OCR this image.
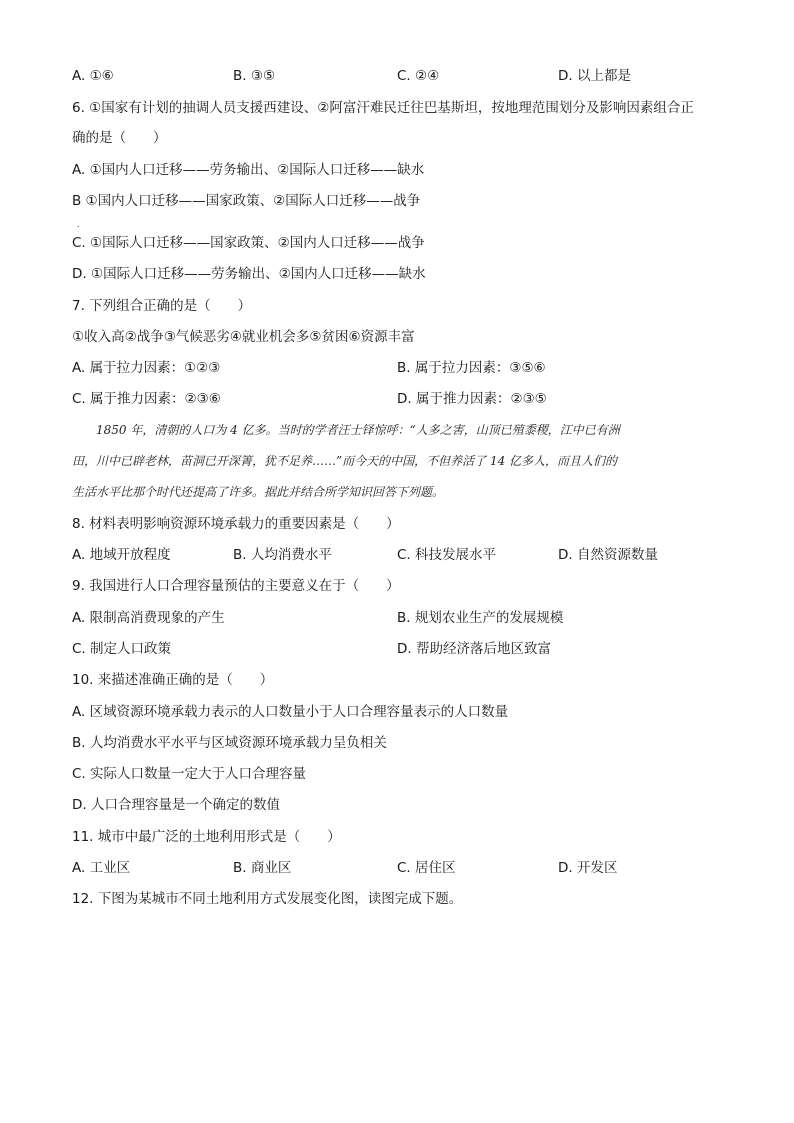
A. ①⑥	B. ③⑤	C. ②④	D. 以上都是
6. ①国家有计划的抽调人员支援西建设、②阿富汗难民迁往巴基斯坦，按地理范围划分及影响因素组合正
确的是（　　）
A. ①国内人口迁移——劳务输出、②国际人口迁移——缺水
B ①国内人口迁移——国家政策、②国际人口迁移——战争
.
C. ①国际人口迁移——国家政策、②国内人口迁移——战争
D. ①国际人口迁移——劳务输出、②国内人口迁移——缺水
7. 下列组合正确的是（　　）
①收入高②战争③气候恶劣④就业机会多⑤贫困⑥资源丰富
A. 属于拉力因素：①②③	B. 属于拉力因素：③⑤⑥
C. 属于推力因素：②③⑥	D. 属于推力因素：②③⑤
　　1850 年，清朝的人口为 4 亿多。当时的学者汪士铎惊呼：“人多之害，山顶已殖黍稷，江中已有洲
田，川中已辟老林，苗洞已开深箐，犹不足养……”而今天的中国，不但养活了 14 亿多人，而且人们的
生活水平比那个时代还提高了许多。据此并结合所学知识回答下列题。
8. 材料表明影响资源环境承载力的重要因素是（　　）
A. 地域开放程度	B. 人均消费水平	C. 科技发展水平	D. 自然资源数量
9. 我国进行人口合理容量预估的主要意义在于（　　）
A. 限制高消费现象的产生	B. 规划农业生产的发展规模
C. 制定人口政策	D. 帮助经济落后地区致富
10. 来描述准确正确的是（　　）
A. 区域资源环境承载力表示的人口数量小于人口合理容量表示的人口数量
B. 人均消费水平水平与区域资源环境承载力呈负相关
C. 实际人口数量一定大于人口合理容量
D. 人口合理容量是一个确定的数值
11. 城市中最广泛的土地利用形式是（　　）
A. 工业区	B. 商业区	C. 居住区	D. 开发区
12. 下图为某城市不同土地利用方式发展变化图，读图完成下题。
